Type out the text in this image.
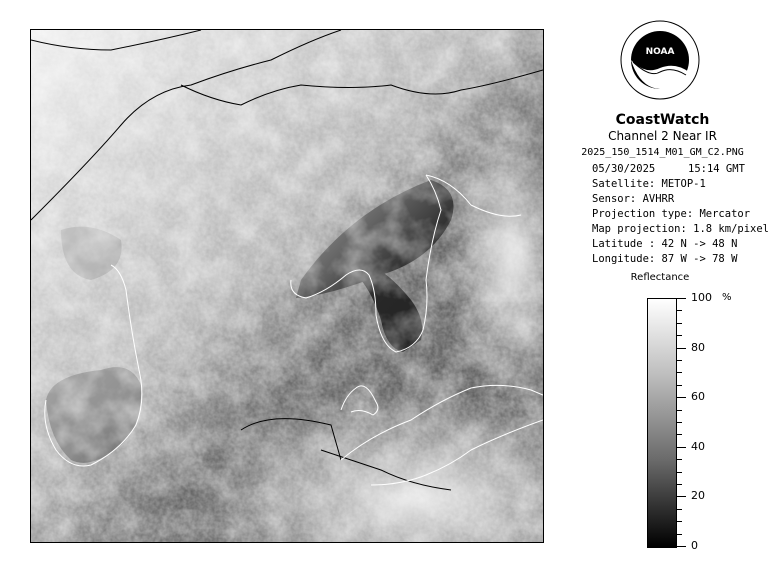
NOAA
CoastWatch
Channel 2 Near IR
2025_150_1514_M01_GM_C2.PNG
05/30/2025	15:14 GMT
Satellite: METOP-1
Sensor: AVHRR
Projection type: Mercator
Map projection: 1.8 km/pixel
Latitude : 42 N -> 48 N
Longitude: 87 W -> 78 W
Reflectance
%
100
80
60
40
20
0
